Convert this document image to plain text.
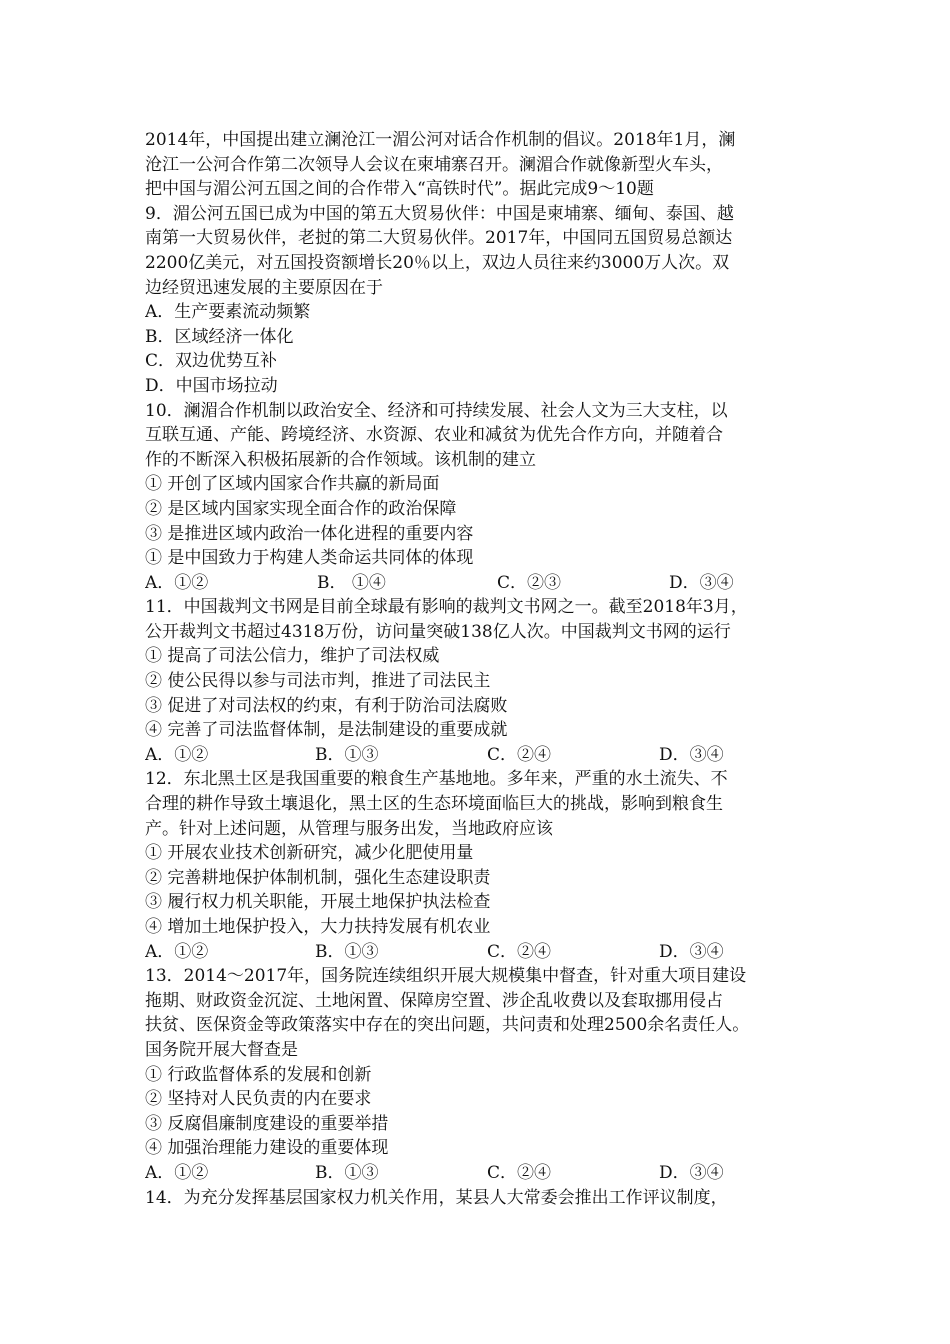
2014年，中国提出建立澜沧江一湄公河对话合作机制的倡议。2018年1月，澜
沧江一公河合作第二次领导人会议在柬埔寨召开。澜湄合作就像新型火车头，
把中国与湄公河五国之间的合作带入“高铁时代”。据此完成9～10题
9．湄公河五国已成为中国的第五大贸易伙伴：中国是柬埔寨、缅甸、泰国、越
南第一大贸易伙伴，老挝的第二大贸易伙伴。2017年，中国同五国贸易总额达
2200亿美元，对五国投资额增长20％以上，双边人员往来约3000万人次。双
边经贸迅速发展的主要原因在于
A．生产要素流动频繁
B．区域经济一体化
C．双边优势互补
D．中国市场拉动
10．澜湄合作机制以政治安全、经济和可持续发展、社会人文为三大支柱，以
互联互通、产能、跨境经济、水资源、农业和减贫为优先合作方向，并随着合
作的不断深入积极拓展新的合作领域。该机制的建立
① 开创了区域内国家合作共赢的新局面
② 是区域内国家实现全面合作的政治保障
③ 是推进区域内政治一体化进程的重要内容
① 是中国致力于构建人类命运共同体的体现
A．①②	B． ①④	C．②③	D．③④
11．中国裁判文书网是目前全球最有影响的裁判文书网之一。截至2018年3月，
公开裁判文书超过4318万份，访问量突破138亿人次。中国裁判文书网的运行
① 提高了司法公信力，维护了司法权威
② 使公民得以参与司法市判，推进了司法民主
③ 促进了对司法权的约束，有利于防治司法腐败
④ 完善了司法监督体制，是法制建设的重要成就
A．①②	B．①③	C．②④	D．③④
12．东北黑土区是我国重要的粮食生产基地地。多年来，严重的水土流失、不
合理的耕作导致土壤退化，黑土区的生态环境面临巨大的挑战，影响到粮食生
产。针对上述问题，从管理与服务出发，当地政府应该
① 开展农业技术创新研究，减少化肥使用量
② 完善耕地保护体制机制，强化生态建设职责
③ 履行权力机关职能，开展土地保护执法检查
④ 增加土地保护投入，大力扶持发展有机农业
A．①②	B．①③	C．②④	D．③④
13．2014～2017年，国务院连续组织开展大规模集中督查，针对重大项目建设
拖期、财政资金沉淀、土地闲置、保障房空置、涉企乱收费以及套取挪用侵占
扶贫、医保资金等政策落实中存在的突出问题，共问责和处理2500余名责任人。
国务院开展大督查是
① 行政监督体系的发展和创新
② 坚持对人民负责的内在要求
③ 反腐倡廉制度建设的重要举措
④ 加强治理能力建设的重要体现
A．①②	B．①③	C．②④	D．③④
14．为充分发挥基层国家权力机关作用，某县人大常委会推出工作评议制度，
